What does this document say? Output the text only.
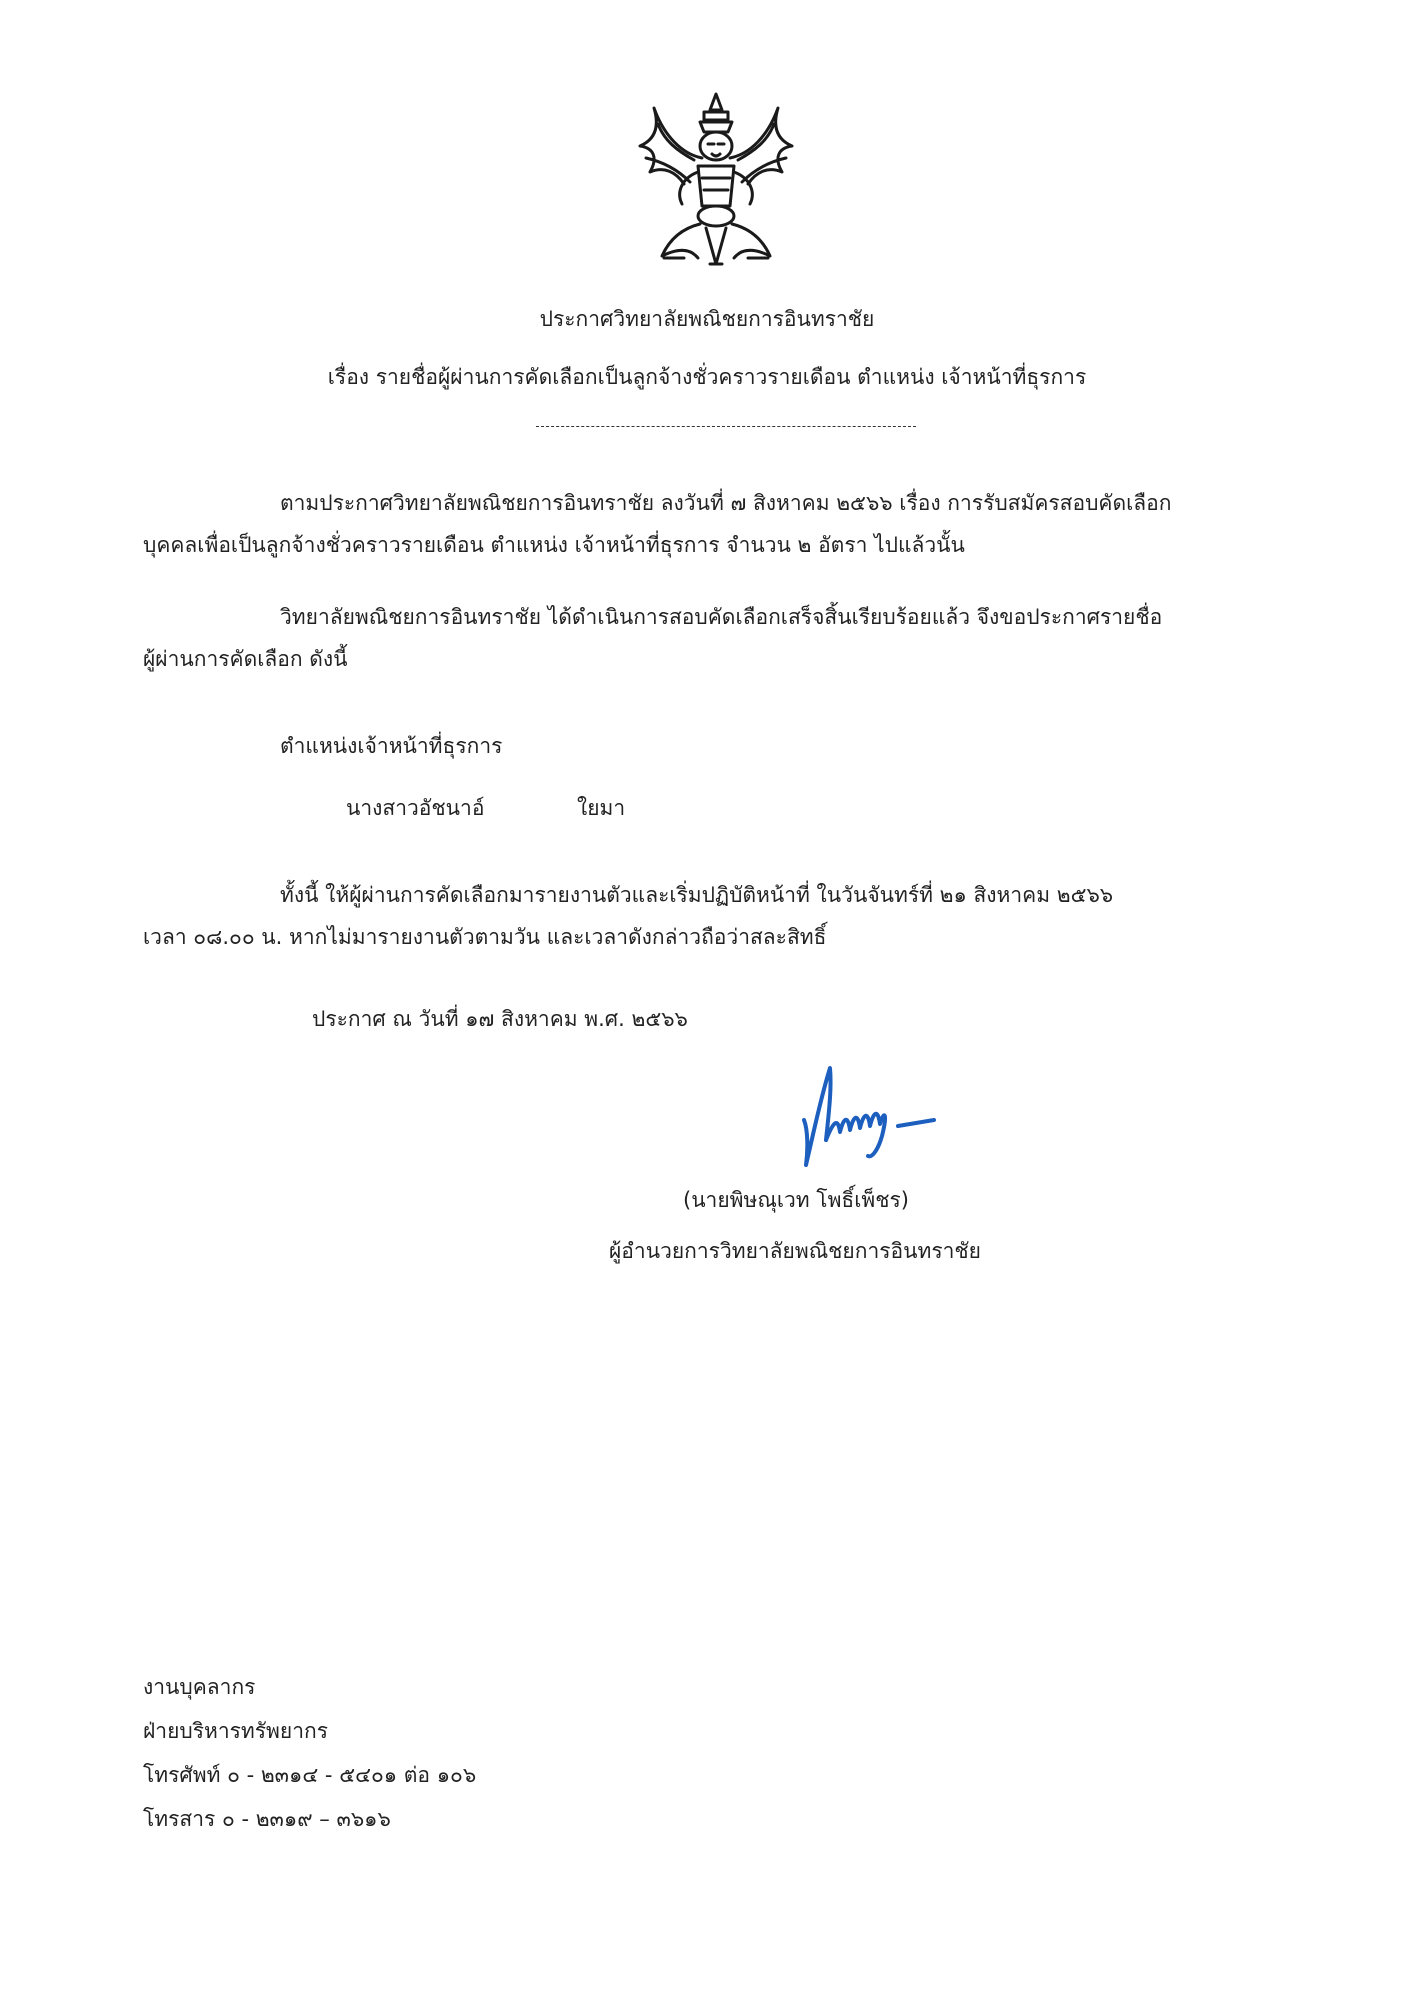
ประกาศวิทยาลัยพณิชยการอินทราชัย

เรื่อง รายชื่อผู้ผ่านการคัดเลือกเป็นลูกจ้างชั่วคราวรายเดือน ตำแหน่ง เจ้าหน้าที่ธุรการ

ตามประกาศวิทยาลัยพณิชยการอินทราชัย ลงวันที่ ๗ สิงหาคม ๒๕๖๖ เรื่อง การรับสมัครสอบคัดเลือก

บุคคลเพื่อเป็นลูกจ้างชั่วคราวรายเดือน ตำแหน่ง เจ้าหน้าที่ธุรการ จำนวน ๒ อัตรา ไปแล้วนั้น

วิทยาลัยพณิชยการอินทราชัย ได้ดำเนินการสอบคัดเลือกเสร็จสิ้นเรียบร้อยแล้ว จึงขอประกาศรายชื่อ

ผู้ผ่านการคัดเลือก ดังนี้

ตำแหน่งเจ้าหน้าที่ธุรการ

นางสาวอัชนาอ์	ใยมา

ทั้งนี้ ให้ผู้ผ่านการคัดเลือกมารายงานตัวและเริ่มปฏิบัติหน้าที่ ในวันจันทร์ที่ ๒๑ สิงหาคม ๒๕๖๖

เวลา ๐๘.๐๐ น. หากไม่มารายงานตัวตามวัน และเวลาดังกล่าวถือว่าสละสิทธิ์

ประกาศ ณ วันที่ ๑๗ สิงหาคม พ.ศ. ๒๕๖๖

(นายพิษณุเวท โพธิ์เพ็ชร)

ผู้อำนวยการวิทยาลัยพณิชยการอินทราชัย

งานบุคลากร

ฝ่ายบริหารทรัพยากร

โทรศัพท์ ๐ - ๒๓๑๔ - ๕๔๐๑ ต่อ ๑๐๖

โทรสาร ๐ - ๒๓๑๙ – ๓๖๑๖
